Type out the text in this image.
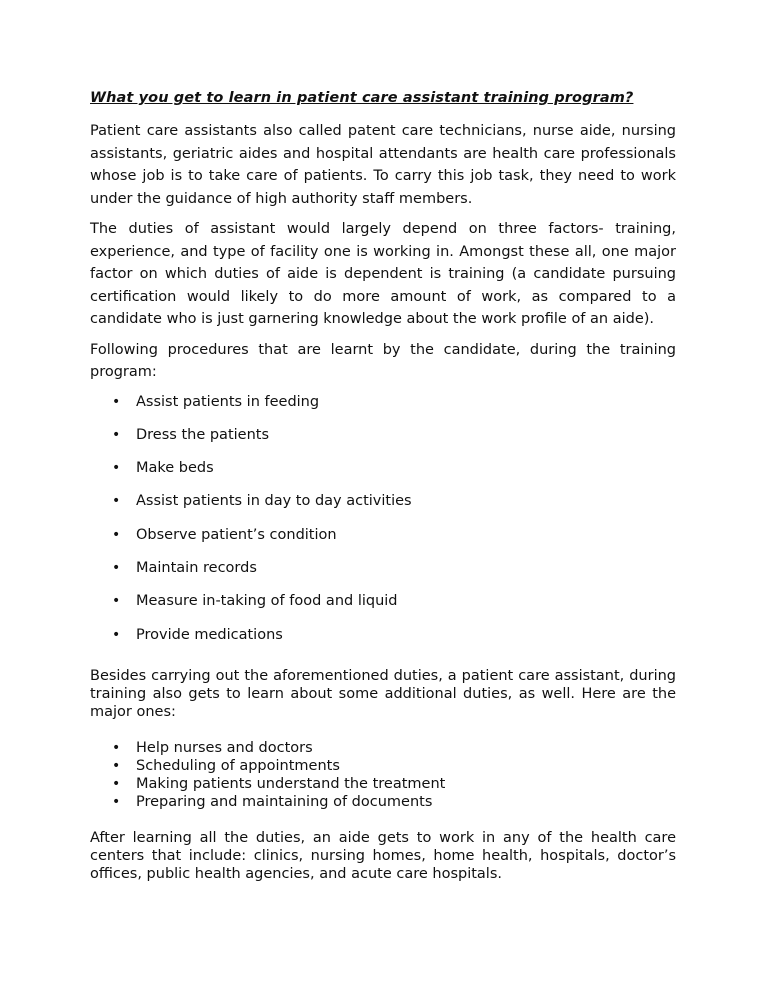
What you get to learn in patient care assistant training program?

Patient care assistants also called patent care technicians, nurse aide, nursing assistants, geriatric aides and hospital attendants are health care professionals whose job is to take care of patients. To carry this job task, they need to work under the guidance of high authority staff members.

The duties of assistant would largely depend on three factors- training, experience, and type of facility one is working in. Amongst these all, one major factor on which duties of aide is dependent is training (a candidate pursuing certification would likely to do more amount of work, as compared to a candidate who is just garnering knowledge about the work profile of an aide).

Following procedures that are learnt by the candidate, during the training program:

• Assist patients in feeding
• Dress the patients
• Make beds
• Assist patients in day to day activities
• Observe patient’s condition
• Maintain records
• Measure in-taking of food and liquid
• Provide medications

Besides carrying out the aforementioned duties, a patient care assistant, during training also gets to learn about some additional duties, as well. Here are the major ones:

• Help nurses and doctors
• Scheduling of appointments
• Making patients understand the treatment
• Preparing and maintaining of documents

After learning all the duties, an aide gets to work in any of the health care centers that include: clinics, nursing homes, home health, hospitals, doctor’s offices, public health agencies, and acute care hospitals.
